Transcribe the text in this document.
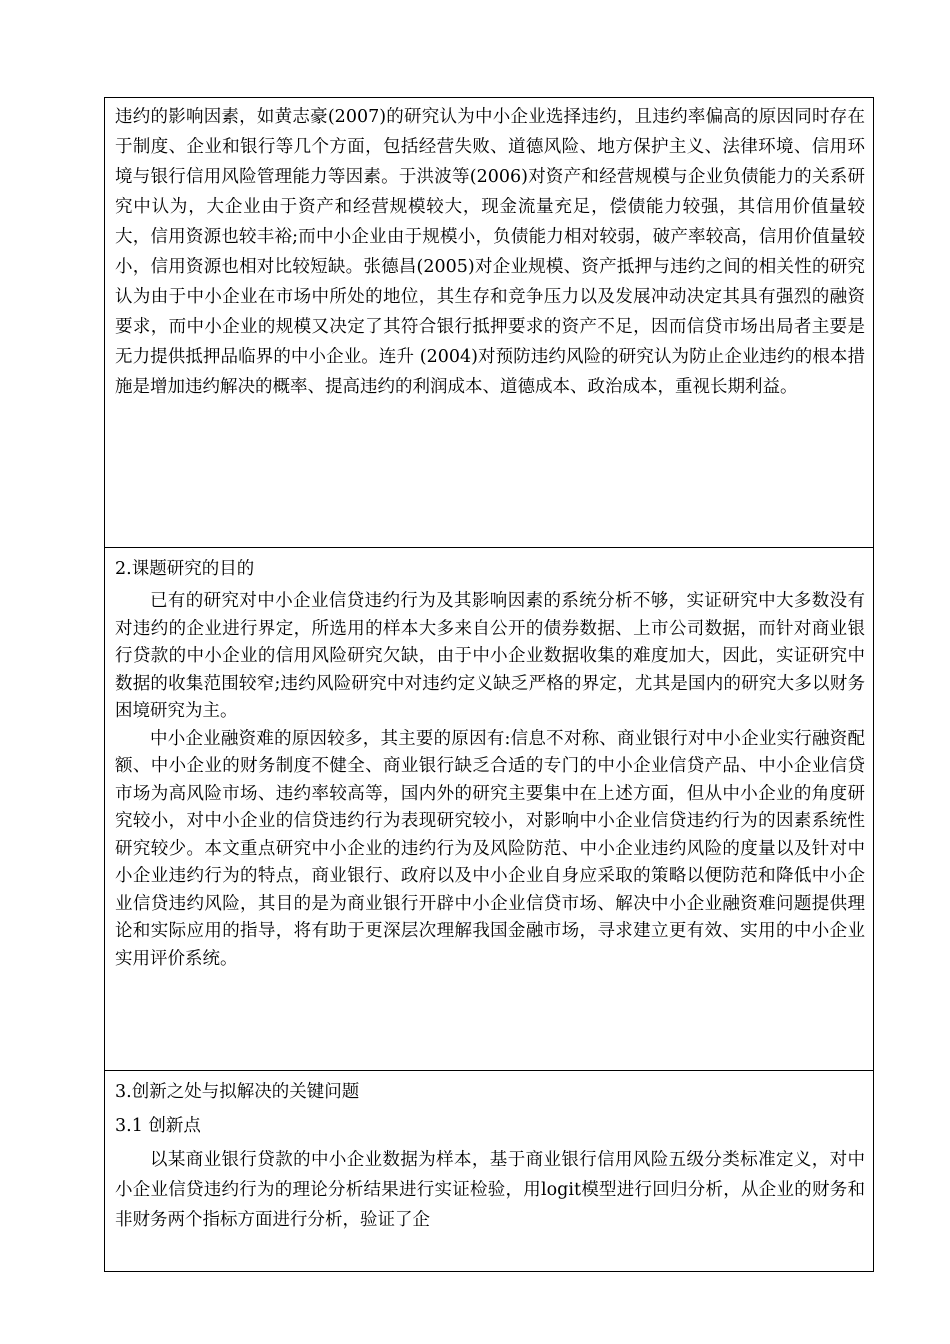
违约的影响因素，如黄志豪(2007)的研究认为中小企业选择违约，且违约率偏高的原因同时存在于制度、企业和银行等几个方面，包括经营失败、道德风险、地方保护主义、法律环境、信用环境与银行信用风险管理能力等因素。于洪波等(2006)对资产和经营规模与企业负债能力的关系研究中认为，大企业由于资产和经营规模较大，现金流量充足，偿债能力较强，其信用价值量较大，信用资源也较丰裕;而中小企业由于规模小，负债能力相对较弱，破产率较高，信用价值量较小，信用资源也相对比较短缺。张德昌(2005)对企业规模、资产抵押与违约之间的相关性的研究认为由于中小企业在市场中所处的地位，其生存和竞争压力以及发展冲动决定其具有强烈的融资要求，而中小企业的规模又决定了其符合银行抵押要求的资产不足，因而信贷市场出局者主要是无力提供抵押品临界的中小企业。连升 (2004)对预防违约风险的研究认为防止企业违约的根本措施是增加违约解决的概率、提高违约的利润成本、道德成本、政治成本，重视长期利益。

2.课题研究的目的

已有的研究对中小企业信贷违约行为及其影响因素的系统分析不够，实证研究中大多数没有对违约的企业进行界定，所选用的样本大多来自公开的债券数据、上市公司数据，而针对商业银行贷款的中小企业的信用风险研究欠缺，由于中小企业数据收集的难度加大，因此，实证研究中数据的收集范围较窄;违约风险研究中对违约定义缺乏严格的界定，尤其是国内的研究大多以财务困境研究为主。

中小企业融资难的原因较多，其主要的原因有:信息不对称、商业银行对中小企业实行融资配额、中小企业的财务制度不健全、商业银行缺乏合适的专门的中小企业信贷产品、中小企业信贷市场为高风险市场、违约率较高等，国内外的研究主要集中在上述方面，但从中小企业的角度研究较小，对中小企业的信贷违约行为表现研究较小，对影响中小企业信贷违约行为的因素系统性研究较少。本文重点研究中小企业的违约行为及风险防范、中小企业违约风险的度量以及针对中小企业违约行为的特点，商业银行、政府以及中小企业自身应采取的策略以便防范和降低中小企业信贷违约风险，其目的是为商业银行开辟中小企业信贷市场、解决中小企业融资难问题提供理论和实际应用的指导，将有助于更深层次理解我国金融市场，寻求建立更有效、实用的中小企业实用评价系统。

3.创新之处与拟解决的关键问题
3.1 创新点

以某商业银行贷款的中小企业数据为样本，基于商业银行信用风险五级分类标准定义，对中小企业信贷违约行为的理论分析结果进行实证检验，用logit模型进行回归分析，从企业的财务和非财务两个指标方面进行分析，验证了企
